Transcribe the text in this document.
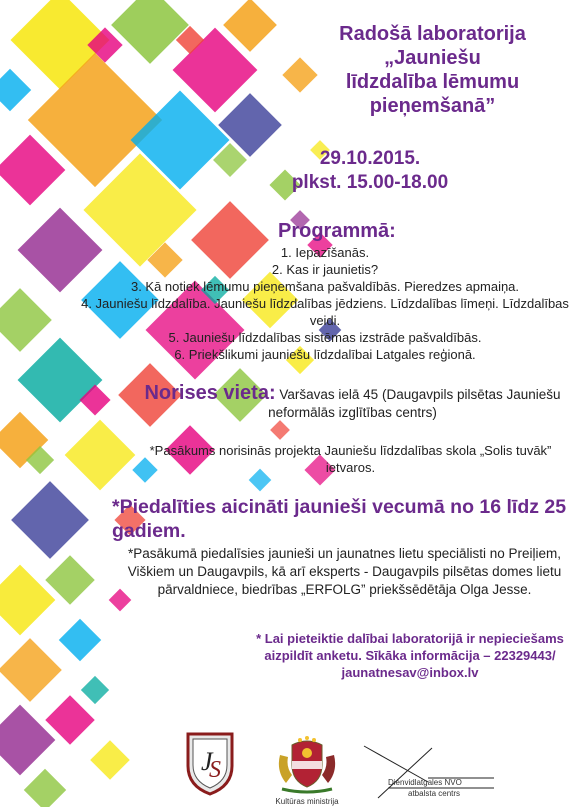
Radošā laboratorija
„Jauniešu
līdzdalība lēmumu
pieņemšanā”
29.10.2015.
plkst. 15.00-18.00
Programmā:
1. Iepazīšanās.
2. Kas ir jaunietis?
3. Kā notiek lēmumu pieņemšana pašvaldībās. Pieredzes apmaiņa.
4. Jauniešu līdzdalība. Jauniešu līdzdalības jēdziens. Līdzdalības līmeņi. Līdzdalības veidi.
5. Jauniešu līdzdalības sistēmas izstrāde pašvaldībās.
6. Priekšlikumi jauniešu līdzdalībai Latgales reģionā.
Norises vieta: Varšavas ielā 45 (Daugavpils pilsētas Jauniešu neformālās izglītības centrs)
*Pasākums norisinās projekta Jauniešu līdzdalības skola „Solis tuvāk” ietvaros.
*Piedalīties aicināti jaunieši vecumā no 16 līdz 25 gadiem.
*Pasākumā piedalīsies jaunieši un jaunatnes lietu speciālisti no Preiļiem, Viškiem un Daugavpils, kā arī eksperts - Daugavpils pilsētas domes lietu pārvaldniece, biedrības „ERFOLG” priekšsēdētāja Olga Jesse.
* Lai pieteiktie dalībai laboratorijā ir nepieciešams aizpildīt anketu. Sīkāka informācija – 22329443/ jaunatnesav@inbox.lv
J
S
Kultūras ministrija
Dienvidlatgales NVO
atbalsta centrs
